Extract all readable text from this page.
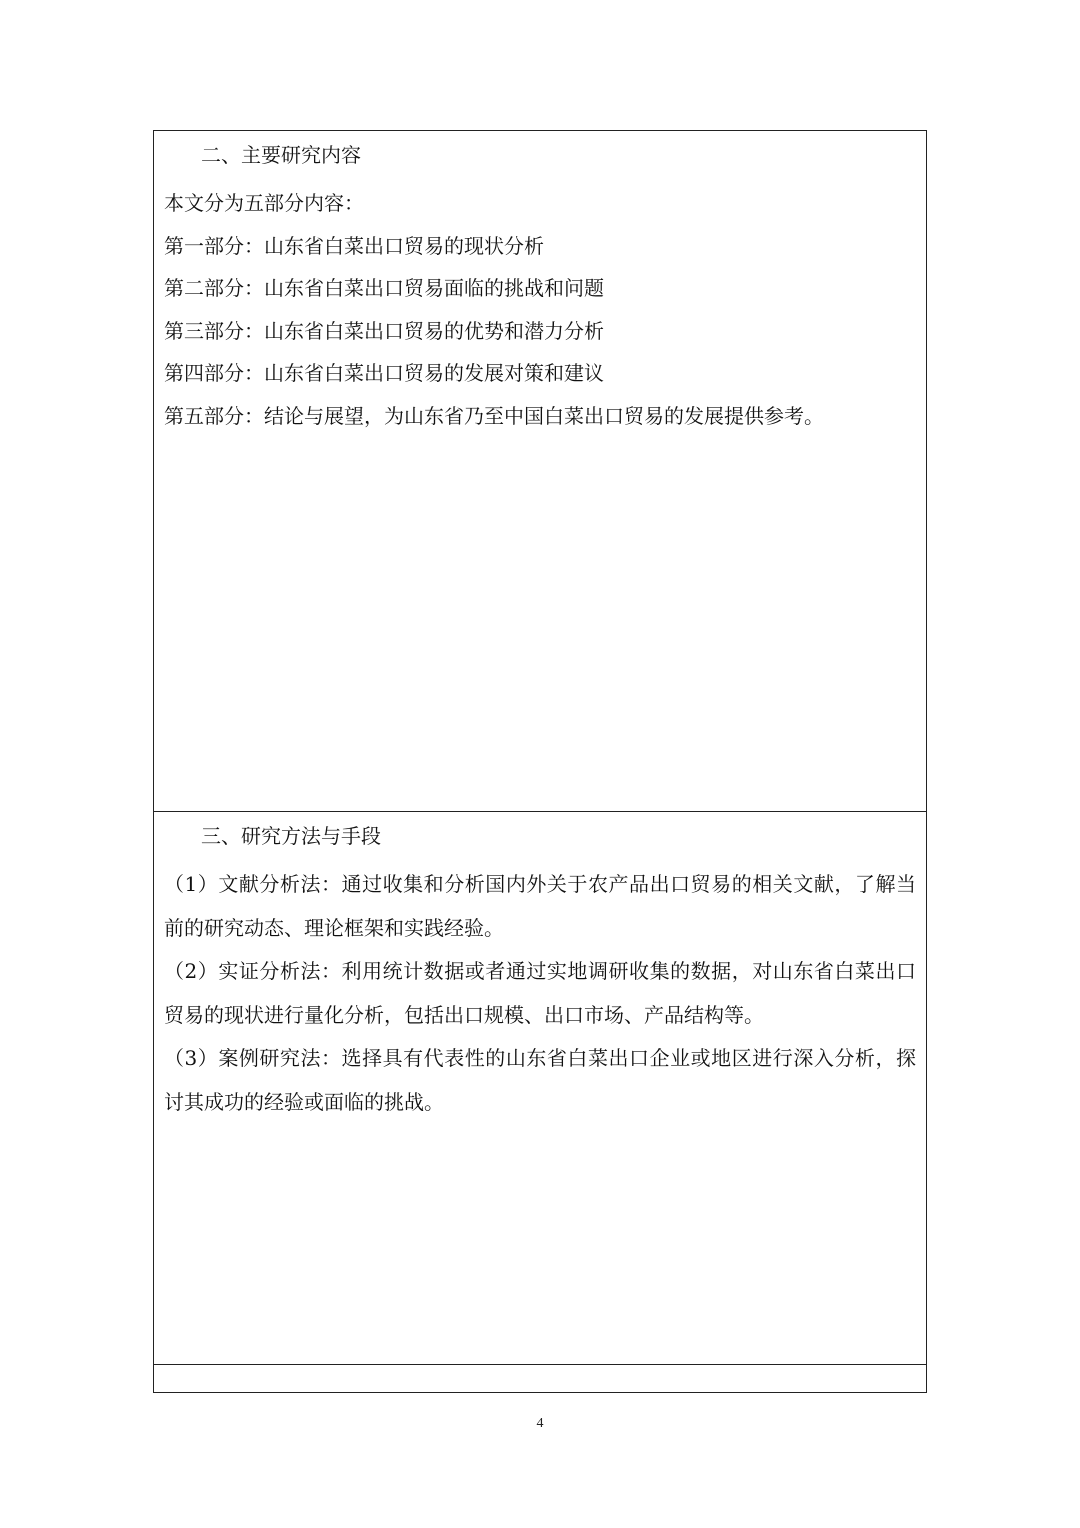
二、主要研究内容

本文分为五部分内容：

第一部分：山东省白菜出口贸易的现状分析

第二部分：山东省白菜出口贸易面临的挑战和问题

第三部分：山东省白菜出口贸易的优势和潜力分析

第四部分：山东省白菜出口贸易的发展对策和建议

第五部分：结论与展望，为山东省乃至中国白菜出口贸易的发展提供参考。

三、研究方法与手段

（1）文献分析法：通过收集和分析国内外关于农产品出口贸易的相关文献，了解当前的研究动态、理论框架和实践经验。

（2）实证分析法：利用统计数据或者通过实地调研收集的数据，对山东省白菜出口贸易的现状进行量化分析，包括出口规模、出口市场、产品结构等。

（3）案例研究法：选择具有代表性的山东省白菜出口企业或地区进行深入分析，探讨其成功的经验或面临的挑战。

4
